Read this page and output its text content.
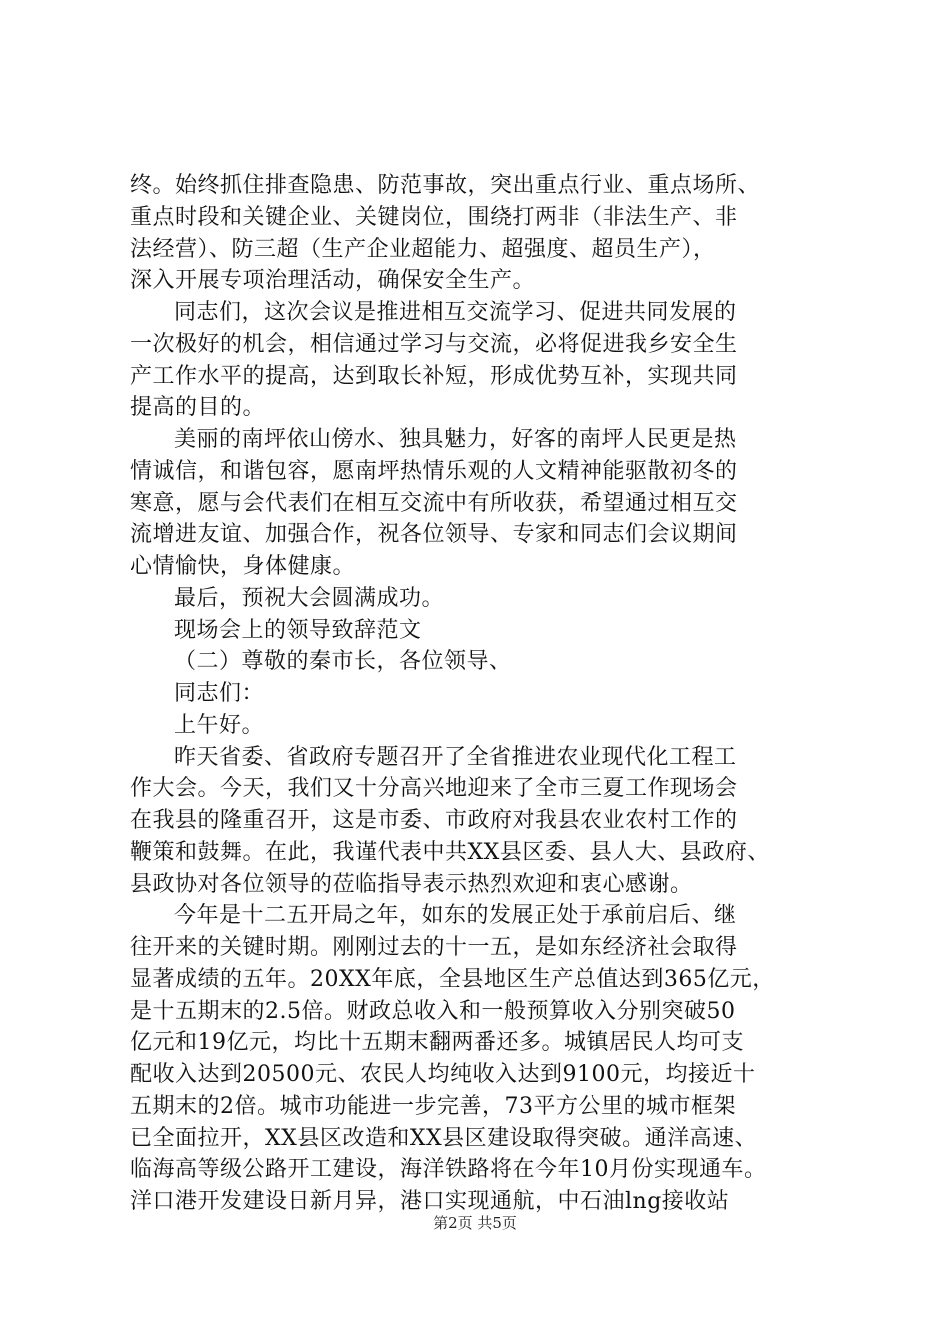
终。始终抓住排查隐患、防范事故，突出重点行业、重点场所、
重点时段和关键企业、关键岗位，围绕打两非（非法生产、非
法经营）、防三超（生产企业超能力、超强度、超员生产），
深入开展专项治理活动，确保安全生产。
同志们，这次会议是推进相互交流学习、促进共同发展的
一次极好的机会，相信通过学习与交流，必将促进我乡安全生
产工作水平的提高，达到取长补短，形成优势互补，实现共同
提高的目的。
美丽的南坪依山傍水、独具魅力，好客的南坪人民更是热
情诚信，和谐包容，愿南坪热情乐观的人文精神能驱散初冬的
寒意，愿与会代表们在相互交流中有所收获，希望通过相互交
流增进友谊、加强合作，祝各位领导、专家和同志们会议期间
心情愉快，身体健康。
最后，预祝大会圆满成功。
现场会上的领导致辞范文
（二）尊敬的秦市长，各位领导、
同志们：
上午好。
昨天省委、省政府专题召开了全省推进农业现代化工程工
作大会。今天，我们又十分高兴地迎来了全市三夏工作现场会
在我县的隆重召开，这是市委、市政府对我县农业农村工作的
鞭策和鼓舞。在此，我谨代表中共XX县区委、县人大、县政府、
县政协对各位领导的莅临指导表示热烈欢迎和衷心感谢。
今年是十二五开局之年，如东的发展正处于承前启后、继
往开来的关键时期。刚刚过去的十一五，是如东经济社会取得
显著成绩的五年。20XX年底，全县地区生产总值达到365亿元，
是十五期末的2.5倍。财政总收入和一般预算收入分别突破50
亿元和19亿元，均比十五期末翻两番还多。城镇居民人均可支
配收入达到20500元、农民人均纯收入达到9100元，均接近十
五期末的2倍。城市功能进一步完善，73平方公里的城市框架
已全面拉开，XX县区改造和XX县区建设取得突破。通洋高速、
临海高等级公路开工建设，海洋铁路将在今年10月份实现通车。
洋口港开发建设日新月异，港口实现通航，中石油lng接收站
第2页 共5页
